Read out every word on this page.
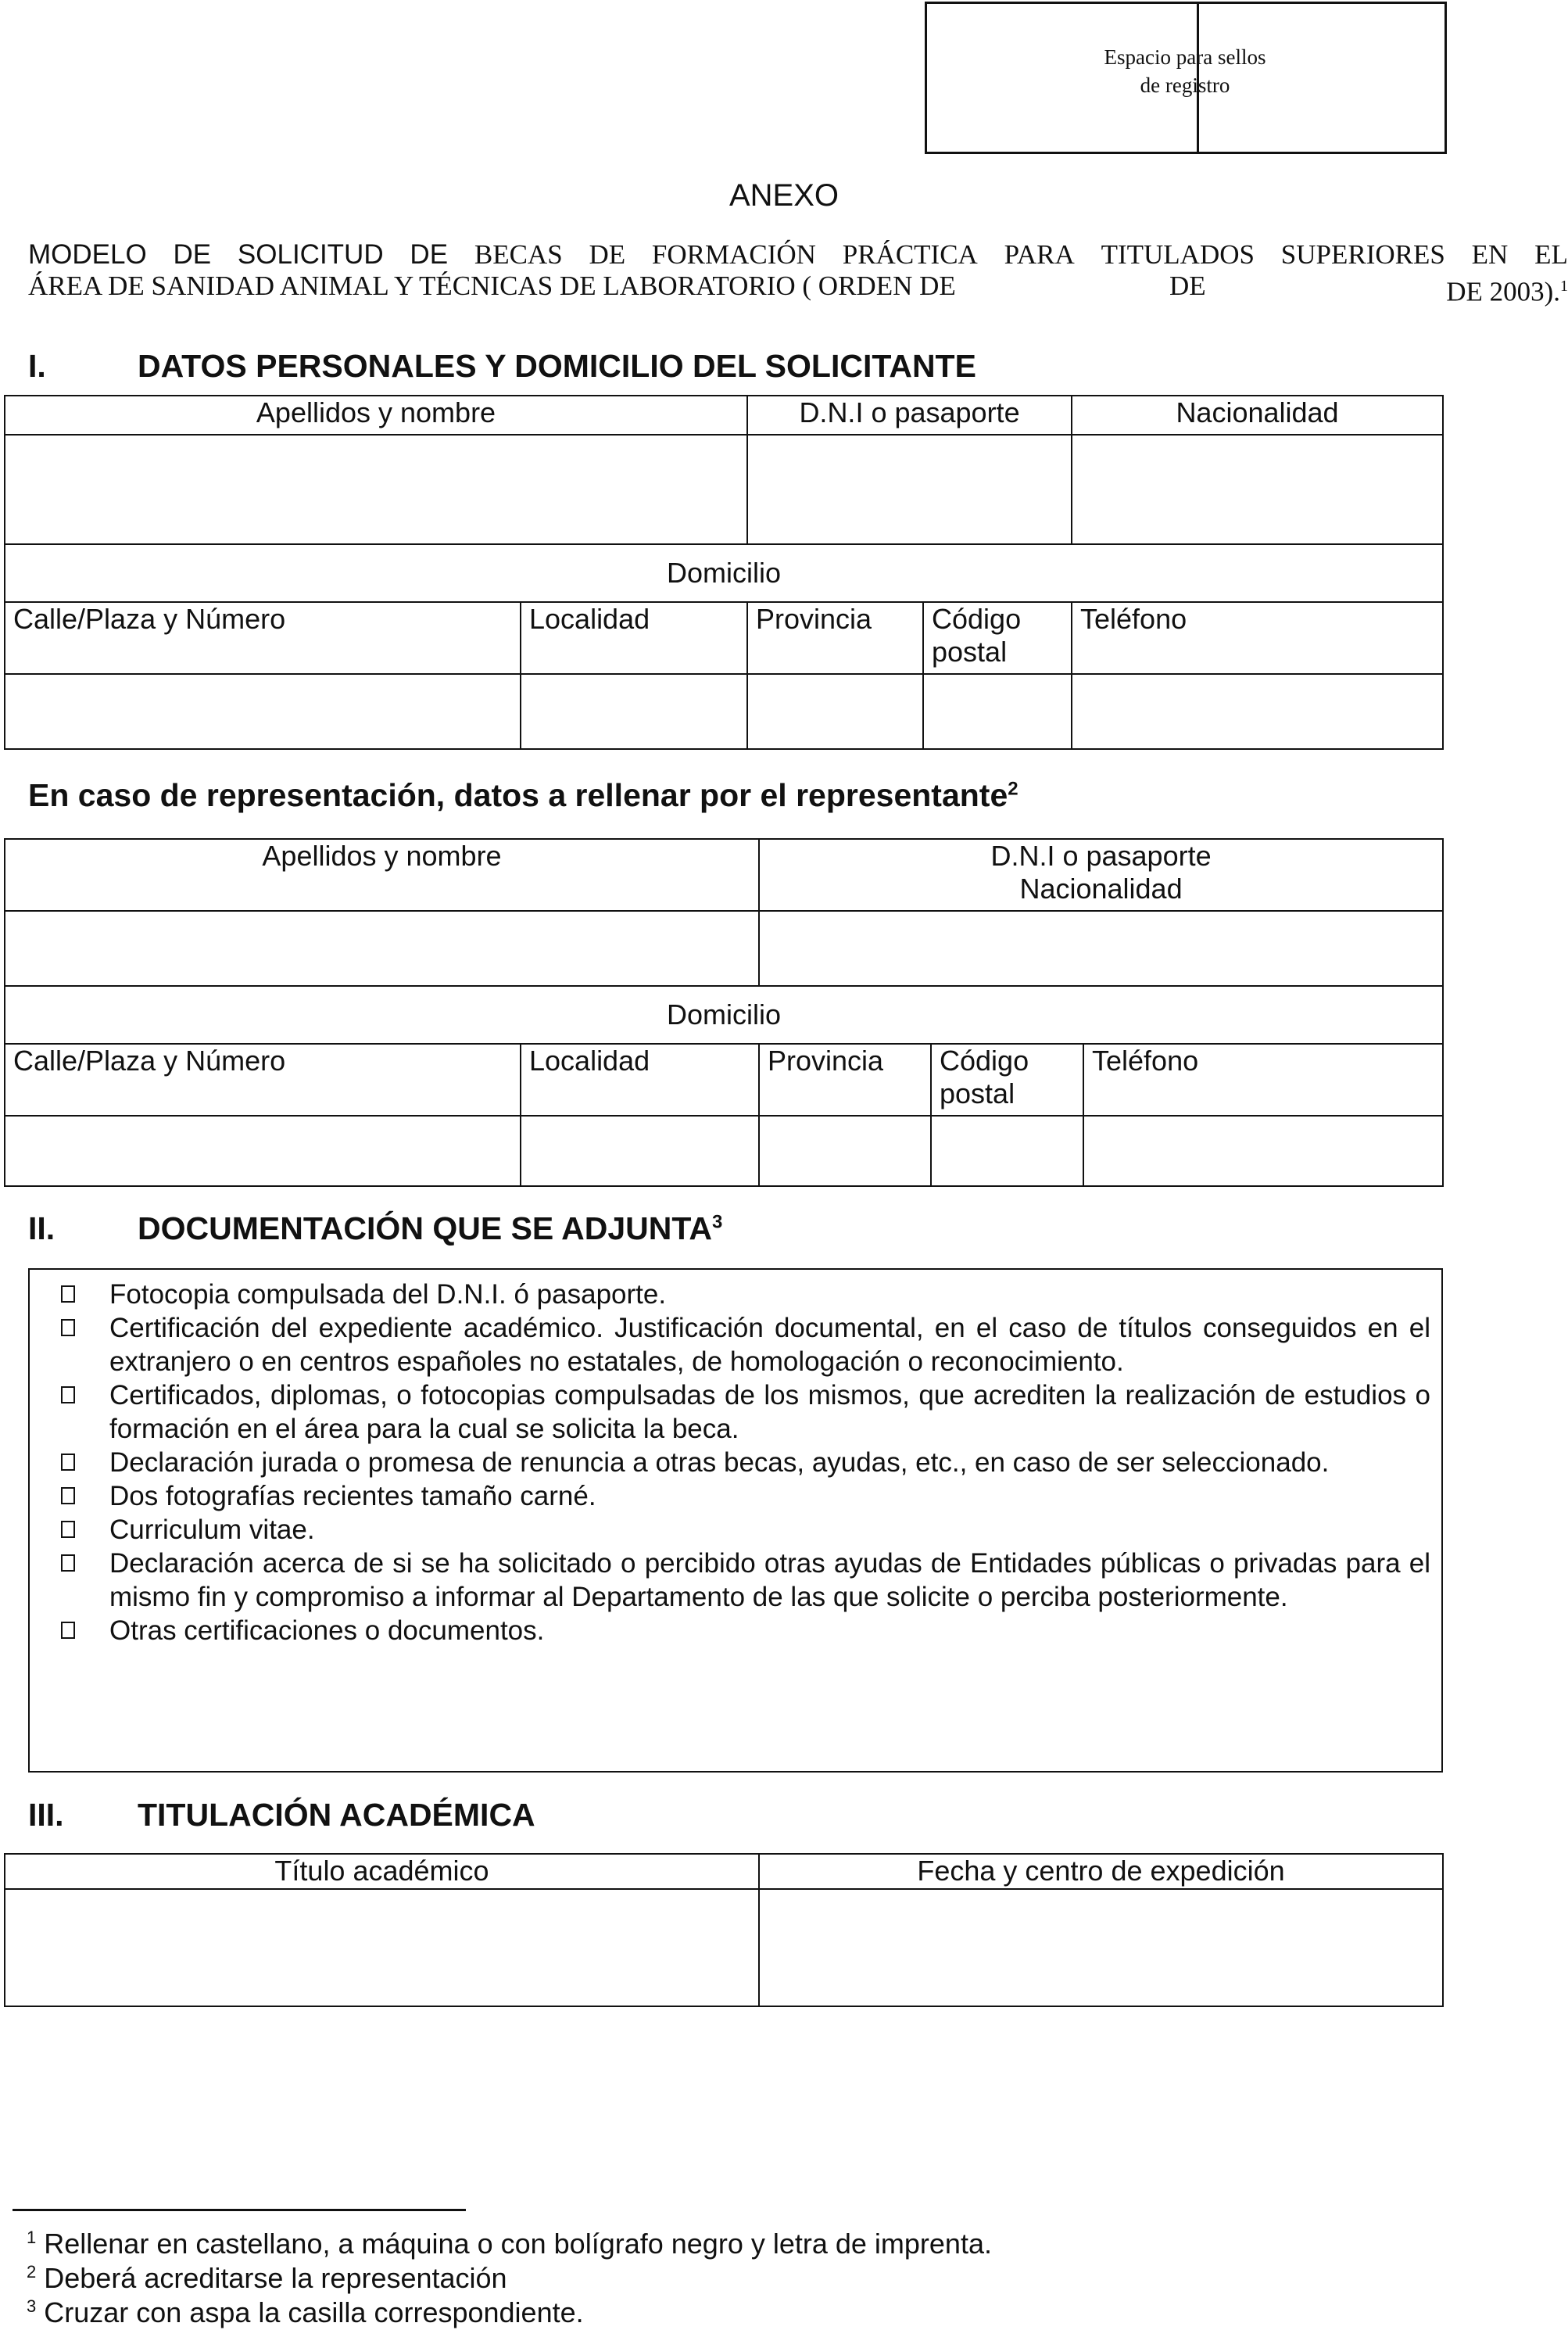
Espacio para sellos
de registro
ANEXO
MODELO DE SOLICITUD DE BECAS DE FORMACIÓN PRÁCTICA PARA TITULADOS SUPERIORES EN EL
ÁREA DE SANIDAD ANIMAL Y TÉCNICAS DE LABORATORIO ( ORDEN DE	DE	DE 2003).$^1$
I.	DATOS PERSONALES Y DOMICILIO DEL SOLICITANTE
Apellidos y nombre		D.N.I o pasaporte		Nacionalidad

Domicilio				
Calle/Plaza y Número	Localidad	Provincia	Código postal	Teléfono

En caso de representación, datos a rellenar por el representante$^2$
Apellidos y nombre		D.N.I o pasaporte
Nacionalidad		

Domicilio				
Calle/Plaza y Número	Localidad	Provincia	Código postal	Teléfono

II.	DOCUMENTACIÓN QUE SE ADJUNTA$^3$
Fotocopia compulsada del D.N.I. ó pasaporte.
Certificación del expediente académico. Justificación documental, en el caso de títulos conseguidos en el extranjero o en centros españoles no estatales, de homologación o reconocimiento.
Certificados, diplomas, o fotocopias compulsadas de los mismos, que acrediten la realización de estudios o formación en el área para la cual se solicita la beca.
Declaración jurada o promesa de renuncia a otras becas, ayudas, etc., en caso de ser seleccionado.
Dos fotografías recientes tamaño carné.
Curriculum vitae.
Declaración acerca de si se ha solicitado o percibido otras ayudas de Entidades públicas o privadas para el mismo fin y compromiso a informar al Departamento de las que solicite o perciba posteriormente.
Otras certificaciones o documentos.
III. TITULACIÓN ACADÉMICA
Título académico	Fecha y centro de expedición

$^1$ Rellenar en castellano, a máquina o con bolígrafo negro y letra de imprenta.
$^2$ Deberá acreditarse la representación
$^3$ Cruzar con aspa la casilla correspondiente.
